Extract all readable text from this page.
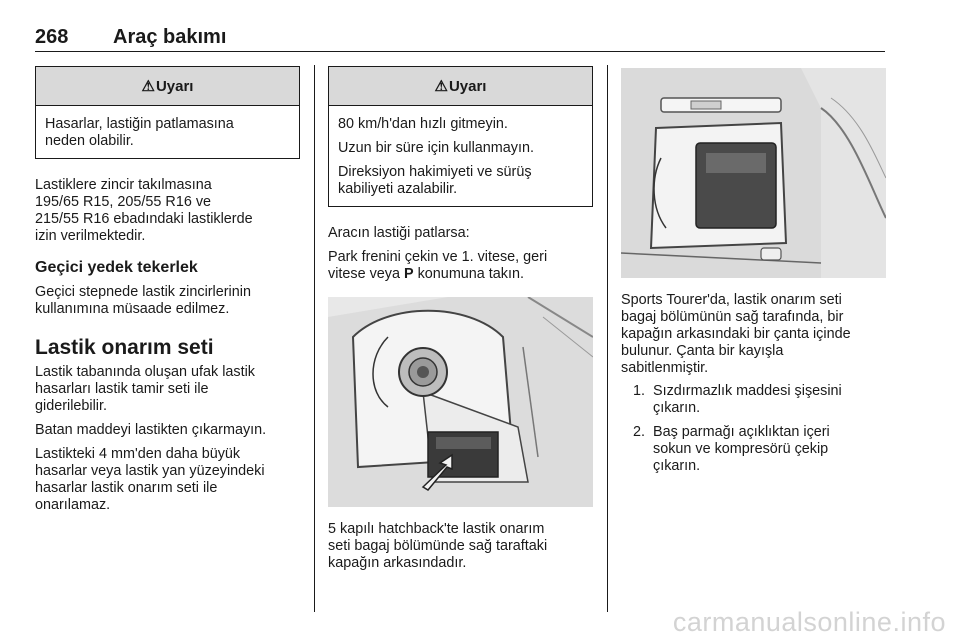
268 Araç bakımı
⚠ Uyarı

Hasarlar, lastiğin patlamasına
neden olabilir.

Lastiklere zincir takılmasına
195/65 R15, 205/55 R16 ve
215/55 R16 ebadındaki lastiklerde
izin verilmektedir.

Geçici yedek tekerlek

Geçici stepnede lastik zincirlerinin
kullanımına müsaade edilmez.

Lastik onarım seti

Lastik tabanında oluşan ufak lastik
hasarları lastik tamir seti ile
giderilebilir.

Batan maddeyi lastikten çıkarmayın.

Lastikteki 4 mm'den daha büyük
hasarlar veya lastik yan yüzeyindeki
hasarlar lastik onarım seti ile
onarılamaz.

⚠ Uyarı

80 km/h'dan hızlı gitmeyin.

Uzun bir süre için kullanmayın.

Direksiyon hakimiyeti ve sürüş
kabiliyeti azalabilir.

Aracın lastiği patlarsa:

Park frenini çekin ve 1. vitese, geri
vitese veya P konumuna takın.

5 kapılı hatchback'te lastik onarım
seti bagaj bölümünde sağ taraftaki
kapağın arkasındadır.

Sports Tourer'da, lastik onarım seti
bagaj bölümünün sağ tarafında, bir
kapağın arkasındaki bir çanta içinde
bulunur. Çanta bir kayışla
sabitlenmiştir.

1. Sızdırmazlık maddesi şişesini
çıkarın.
2. Baş parmağı açıklıktan içeri
sokun ve kompresörü çekip
çıkarın.
carmanualsonline.info
